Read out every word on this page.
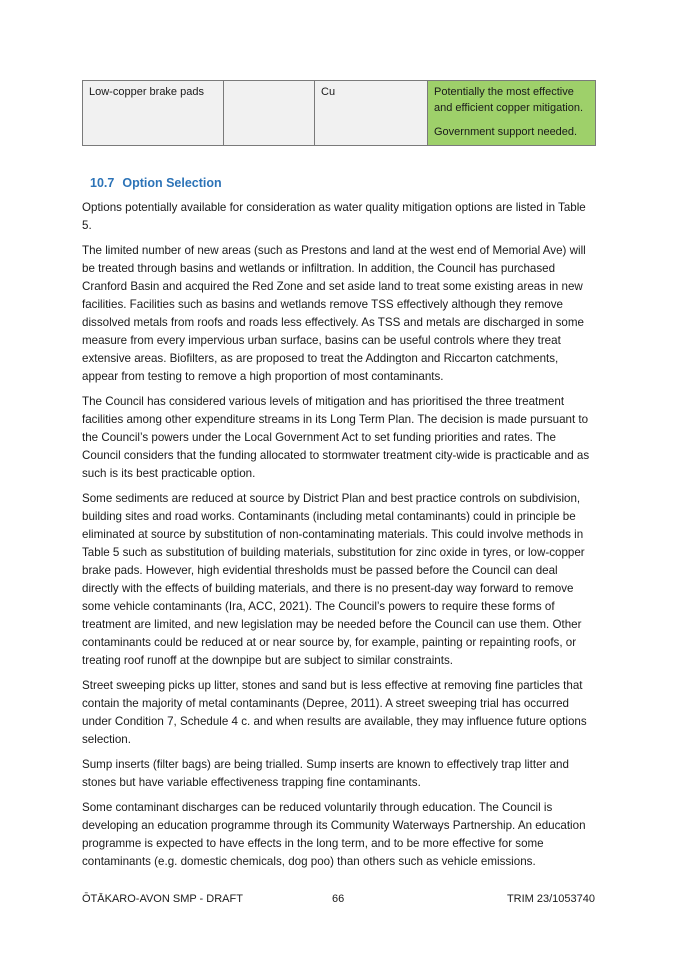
Low-copper brake pads		Cu	Potentially the most effective and efficient copper mitigation.

Government support needed.

10.7 Option Selection

Options potentially available for consideration as water quality mitigation options are listed in Table 5.

The limited number of new areas (such as Prestons and land at the west end of Memorial Ave) will be treated through basins and wetlands or infiltration. In addition, the Council has purchased Cranford Basin and acquired the Red Zone and set aside land to treat some existing areas in new facilities. Facilities such as basins and wetlands remove TSS effectively although they remove dissolved metals from roofs and roads less effectively. As TSS and metals are discharged in some measure from every impervious urban surface, basins can be useful controls where they treat extensive areas. Biofilters, as are proposed to treat the Addington and Riccarton catchments, appear from testing to remove a high proportion of most contaminants.

The Council has considered various levels of mitigation and has prioritised the three treatment facilities among other expenditure streams in its Long Term Plan. The decision is made pursuant to the Council’s powers under the Local Government Act to set funding priorities and rates. The Council considers that the funding allocated to stormwater treatment city-wide is practicable and as such is its best practicable option.

Some sediments are reduced at source by District Plan and best practice controls on subdivision, building sites and road works. Contaminants (including metal contaminants) could in principle be eliminated at source by substitution of non-contaminating materials. This could involve methods in Table 5 such as substitution of building materials, substitution for zinc oxide in tyres, or low-copper brake pads. However, high evidential thresholds must be passed before the Council can deal directly with the effects of building materials, and there is no present-day way forward to remove some vehicle contaminants (Ira, ACC, 2021). The Council’s powers to require these forms of treatment are limited, and new legislation may be needed before the Council can use them. Other contaminants could be reduced at or near source by, for example, painting or repainting roofs, or treating roof runoff at the downpipe but are subject to similar constraints.

Street sweeping picks up litter, stones and sand but is less effective at removing fine particles that contain the majority of metal contaminants (Depree, 2011). A street sweeping trial has occurred under Condition 7, Schedule 4 c. and when results are available, they may influence future options selection.

Sump inserts (filter bags) are being trialled. Sump inserts are known to effectively trap litter and stones but have variable effectiveness trapping fine contaminants.

Some contaminant discharges can be reduced voluntarily through education. The Council is developing an education programme through its Community Waterways Partnership. An education programme is expected to have effects in the long term, and to be more effective for some contaminants (e.g. domestic chemicals, dog poo) than others such as vehicle emissions.

ŌTĀKARO-AVON SMP - DRAFT	66	TRIM 23/1053740
